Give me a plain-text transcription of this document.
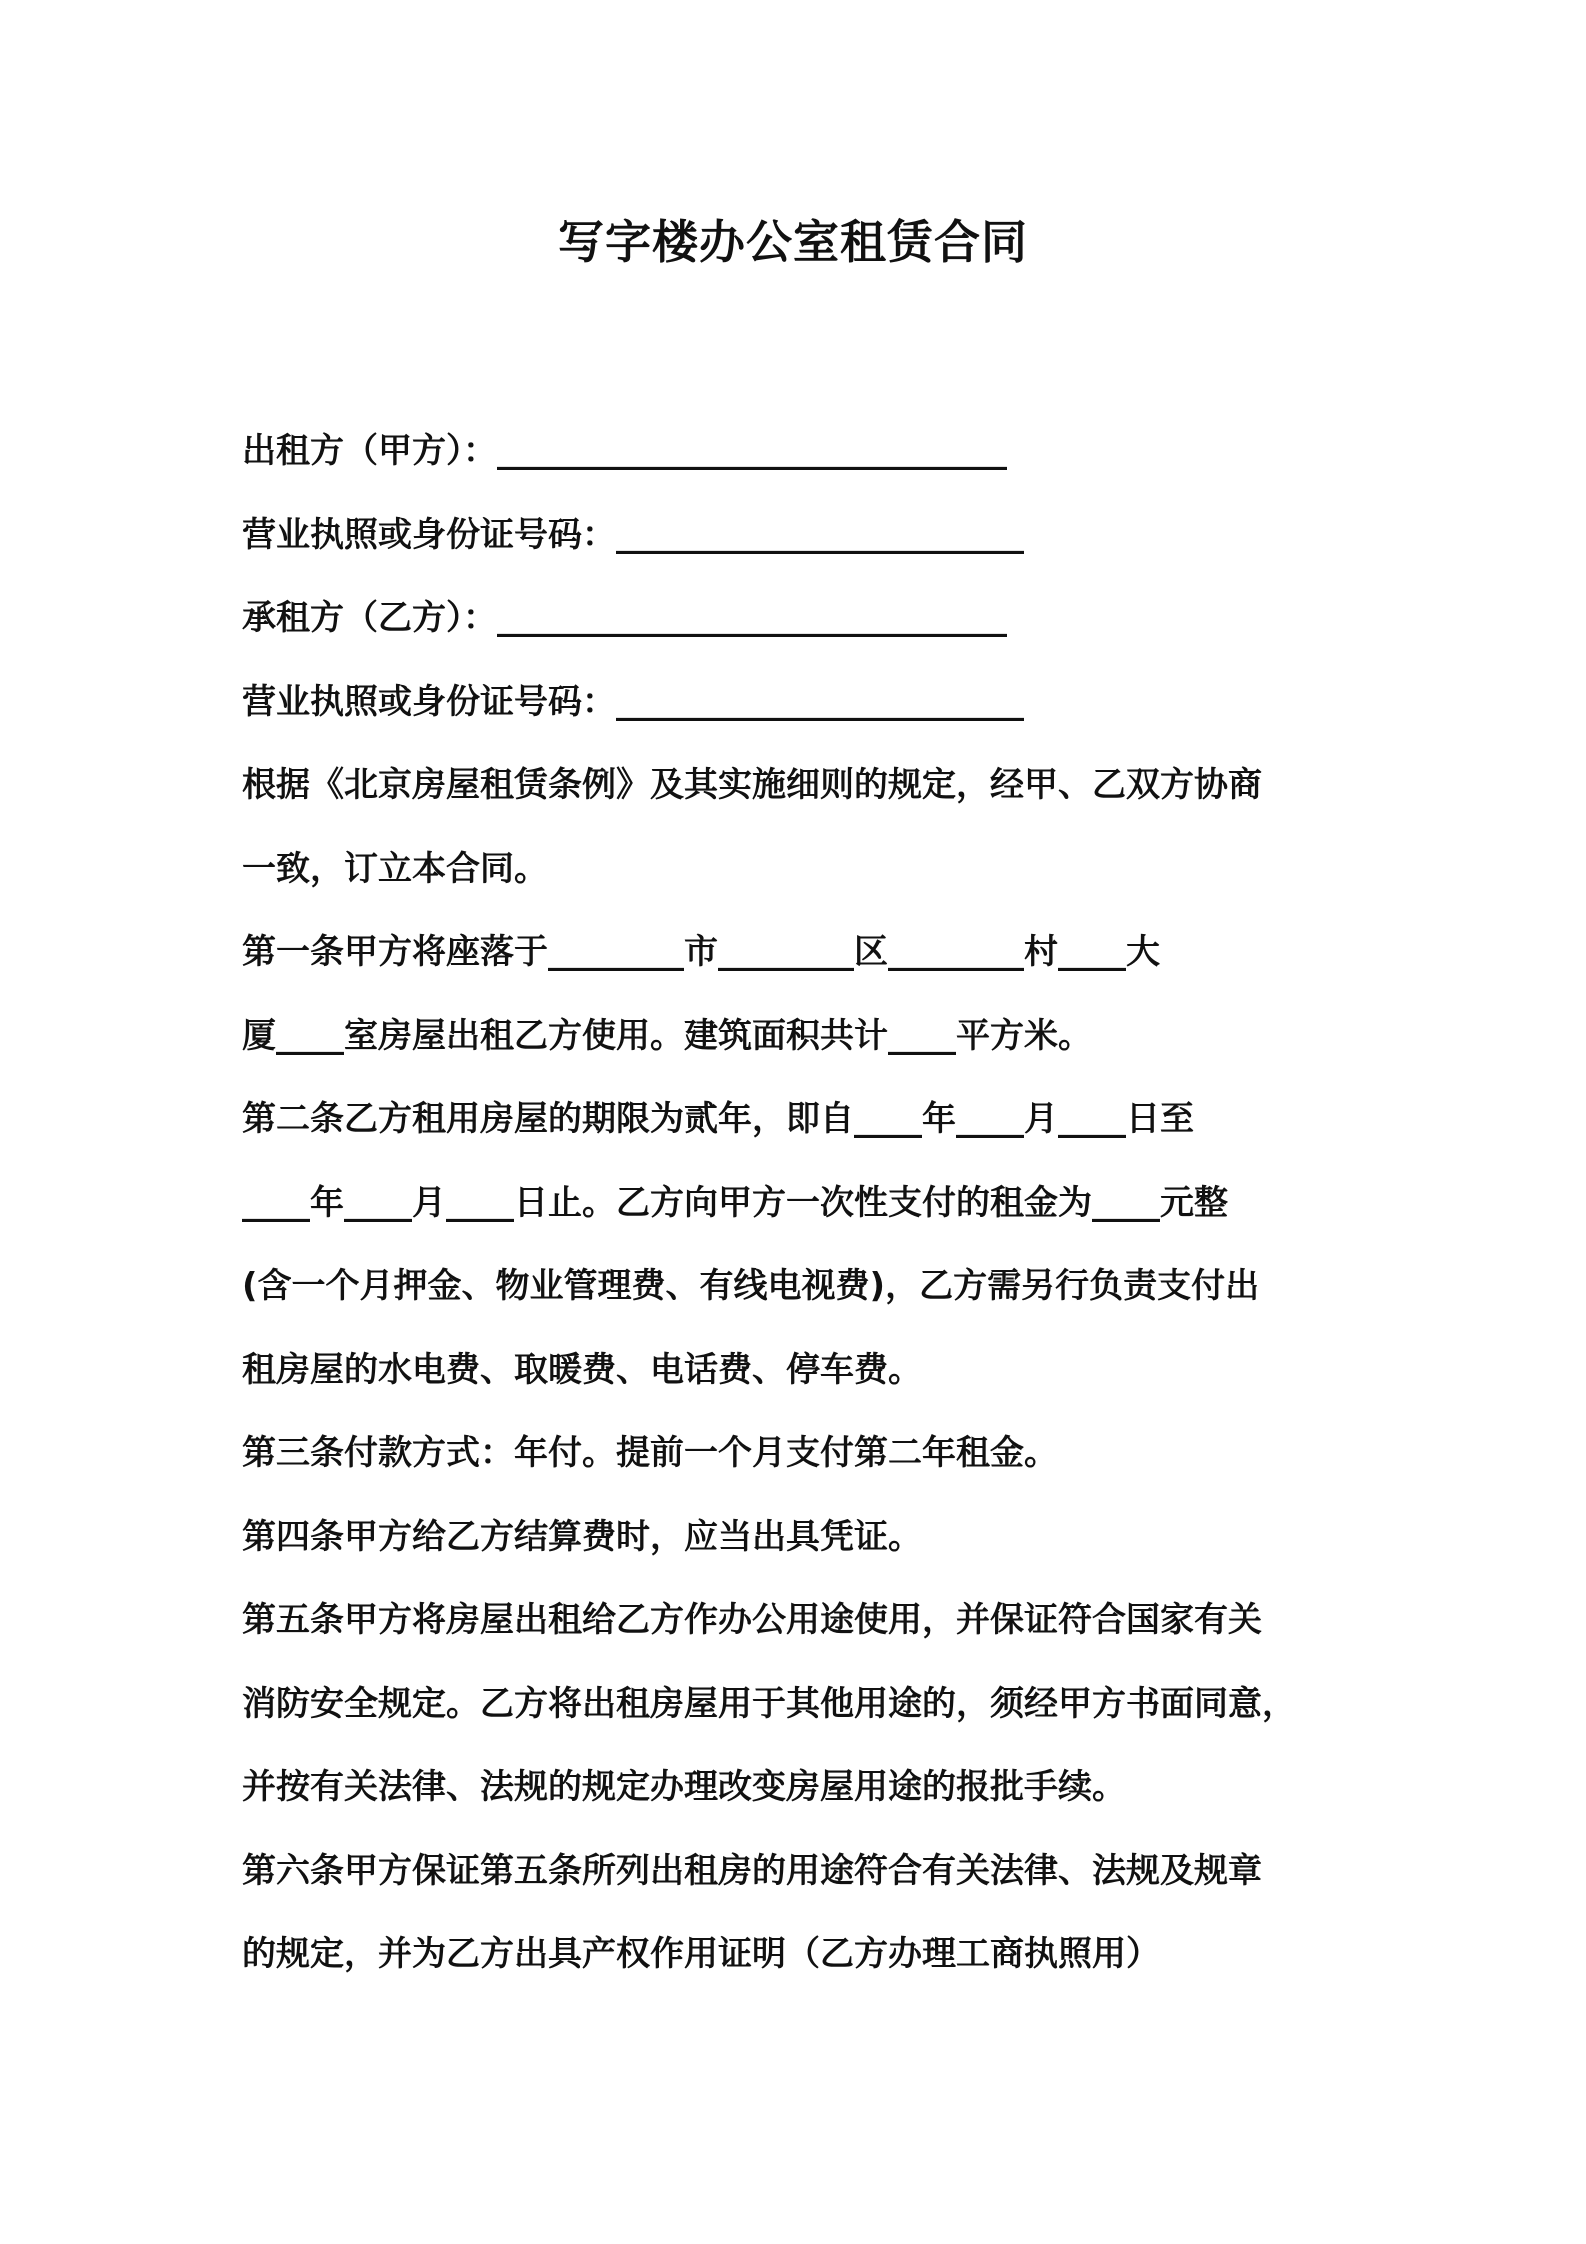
写字楼办公室租赁合同
出租方（甲方）：______________________________
营业执照或身份证号码：________________________
承租方（乙方）：______________________________
营业执照或身份证号码：________________________
根据《北京房屋租赁条例》及其实施细则的规定，经甲、乙双方协商
一致，订立本合同。
第一条甲方将座落于________市________区________村____大
厦____室房屋出租乙方使用。建筑面积共计____平方米。
第二条乙方租用房屋的期限为贰年，即自____年____月____日至
____年____月____日止。乙方向甲方一次性支付的租金为____元整
(含一个月押金、物业管理费、有线电视费)，乙方需另行负责支付出
租房屋的水电费、取暖费、电话费、停车费。
第三条付款方式：年付。提前一个月支付第二年租金。
第四条甲方给乙方结算费时，应当出具凭证。
第五条甲方将房屋出租给乙方作办公用途使用，并保证符合国家有关
消防安全规定。乙方将出租房屋用于其他用途的，须经甲方书面同意，
并按有关法律、法规的规定办理改变房屋用途的报批手续。
第六条甲方保证第五条所列出租房的用途符合有关法律、法规及规章
的规定，并为乙方出具产权作用证明（乙方办理工商执照用）
